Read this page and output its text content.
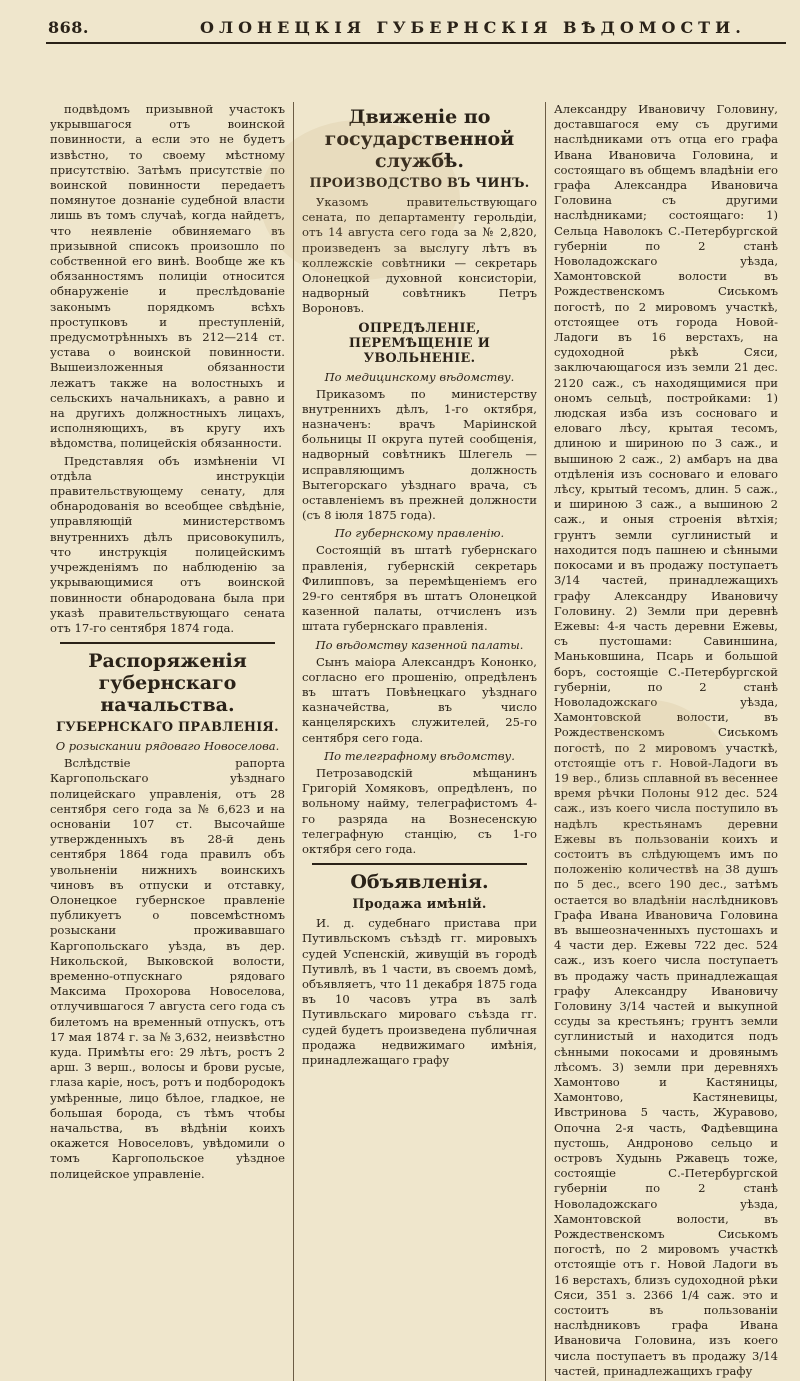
868.	ОЛОНЕЦКІЯ ГУБЕРНСКІЯ ВѢДОМОСТИ.

подвѣдомъ призывной участокъ укрывшагося отъ воинской повинности, а если это не будетъ извѣстно, то своему мѣстному присутствію. Затѣмъ присутствіе по воинской повинности передаетъ помянутое дознаніе судебной власти лишь въ томъ случаѣ, когда найдетъ, что неявленіе обвиняемаго въ призывной списокъ произошло по собственной его винѣ. Вообще же къ обязанностямъ полиціи относится обнаруженіе и преслѣдованіе законымъ порядкомъ всѣхъ проступковъ и преступленій, предусмотрѣнныхъ въ 212—214 ст. устава о воинской повинности. Вышеизложенныя обязанности лежатъ также на волостныхъ и сельскихъ начальникахъ, а равно и на другихъ должностныхъ лицахъ, исполняющихъ, въ кругу ихъ вѣдомства, полицейскія обязанности.

Представляя объ измѣненіи VI отдѣла инструкціи правительствующему сенату, для обнародованія во всеобщее свѣдѣніе, управляющій министерствомъ внутреннихъ дѣлъ присовокупилъ, что инструкція полицейскимъ учрежденіямъ по наблюденію за укрывающимися отъ воинской повинности обнародована была при указѣ правительствующаго сената отъ 17-го сентября 1874 года.

Распоряженія губернскаго начальства.
ГУБЕРНСКАГО ПРАВЛЕНІЯ.
О розыскании рядоваго Новоселова.

Вслѣдствіе рапорта Каргопольскаго уѣзднаго полицейскаго управленія, отъ 28 сентября сего года за № 6,623 и на основаніи 107 ст. Высочайше утвержденныхъ въ 28-й день сентября 1864 года правилъ объ увольненіи нижнихъ воинскихъ чиновъ въ отпуски и отставку, Олонецкое губернское правленіе публикуетъ о повсемѣстномъ розыскани проживавшаго Каргопольскаго уѣзда, въ дер. Никольской, Выковской волости, временно-отпускнаго рядоваго Максима Прохорова Новоселова, отлучившагося 7 августа сего года съ билетомъ на временный отпускъ, отъ 17 мая 1874 г. за № 3,632, неизвѣстно куда. Примѣты его: 29 лѣтъ, ростъ 2 арш. 3 верш., волосы и брови русые, глаза карiе, носъ, ротъ и подбородокъ умѣренные, лицо бѣлое, гладкое, не большая борода, съ тѣмъ чтобы начальства, въ вѣдѣніи коихъ окажется Новоселовъ, увѣдомили о томъ Каргопольское уѣздное полицейское управленіе.

Движеніе по государственной службѣ.
ПРОИЗВОДСТВО ВЪ ЧИНЪ.

Указомъ правительствующаго сената, по департаменту герольдіи, отъ 14 августа сего года за № 2,820, произведенъ за выслугу лѣтъ въ коллежскіе совѣтники — секретарь Олонецкой духовной консисторіи, надворный совѣтникъ Петръ Вороновъ.

ОПРЕДѢЛЕНІЕ, ПЕРЕМѢЩЕНІЕ И УВОЛЬНЕНІЕ.
По медицинскому вѣдомству.

Приказомъ по министерству внутреннихъ дѣлъ, 1-го октября, назначенъ: врачъ Маріинской больницы II округа путей сообщенія, надворный совѣтникъ Шлегель — исправляющимъ должность Вытегорскаго уѣзднаго врача, съ оставленіемъ въ прежней должности (съ 8 іюля 1875 года).

По губернскому правленію.

Состоящій въ штатѣ губернскаго правленія, губернскій секретарь Филипповъ, за перемѣщеніемъ его 29-го сентября въ штатъ Олонецкой казенной палаты, отчисленъ изъ штата губернскаго правленія.

По вѣдомству казенной палаты.

Сынъ маіора Александръ Кононко, согласно его прошенію, опредѣленъ въ штатъ Повѣнецкаго уѣзднаго казначейства, въ число канцелярскихъ служителей, 25-го сентября сего года.

По телеграфному вѣдомству.

Петрозаводскій мѣщанинъ Григорій Хомяковъ, опредѣленъ, по вольному найму, телеграфистомъ 4-го разряда на Вознесенскую телеграфную станцію, съ 1-го октября сего года.

Объявленія.
Продажа имѣній.

И. д. судебнаго пристава при Путивльскомъ съѣздѣ гг. мировыхъ судей Успенскій, живущій въ городѣ Путивлѣ, въ 1 части, въ своемъ домѣ, объявляетъ, что 11 декабря 1875 года въ 10 часовъ утра въ залѣ Путивльскаго мироваго съѣзда гг. судей будетъ произведена публичная продажа недвижимаго имѣнія, принадлежащаго графу

Александру Ивановичу Головину, доставшагося ему съ другими наслѣдниками отъ отца его графа Ивана Ивановича Головина, и состоящаго въ общемъ владѣніи его графа Александра Ивановича Головина съ другими наслѣдниками; состоящаго: 1) Сельца Наволокъ С.-Петербургской губерніи по 2 станѣ Новоладожскаго уѣзда, Хамонтовской волости въ Рождественскомъ Сиськомъ погостѣ, по 2 мировомъ участкѣ, отстоящее отъ города Новой-Ладоги въ 16 верстахъ, на судоходной рѣкѣ Сяси, заключающагося изъ земли 21 дес. 2120 саж., съ находящимися при ономъ сельцѣ, постройками: 1) людская изба изъ сосноваго и еловаго лѣсу, крытая тесомъ, длиною и шириною по 3 саж., и вышиною 2 саж., 2) амбаръ на два отдѣленія изъ сосноваго и еловаго лѣсу, крытый тесомъ, длин. 5 саж., и шириною 3 саж., а вышиною 2 саж., и оныя строенія вѣтхія; грунтъ земли суглинистый и находится подъ пашнею и сѣнными покосами и въ продажу поступаетъ 3/14 частей, принадлежащихъ графу Александру Ивановичу Головину. 2) Земли при деревнѣ Ежевы: 4-я часть деревни Ежевы, съ пустошами: Савиншина, Маньковшина, Псарь и большой боръ, состоящіе С.-Петербургской губерніи, по 2 станѣ Новоладожскаго уѣзда, Хамонтовской волости, въ Рождественскомъ Сиськомъ погостѣ, по 2 мировомъ участкѣ, отстоящіе отъ г. Новой-Ладоги въ 19 вер., близь сплавной въ весеннее время рѣчки Полоны 912 дес. 524 саж., изъ коего числа поступило въ надѣлъ крестьянамъ деревни Ежевы въ пользованіи коихъ и состоитъ въ слѣдующемъ имъ по положенію количествѣ на 38 душъ по 5 дес., всего 190 дес., затѣмъ остается во владѣніи наслѣдниковъ Графа Ивана Ивановича Головина въ вышеозначенныхъ пустошахъ и 4 части дер. Ежевы 722 дес. 524 саж., изъ коего числа поступаетъ въ продажу часть принадлежащая графу Александру Ивановичу Головину 3/14 частей и выкупной ссуды за крестьянъ; грунтъ земли суглинистый и находится подъ сѣнными покосами и дровянымъ лѣсомъ. 3) земли при деревняхъ Хамонтово и Кастяницы, Хамонтово, Кастяневицы, Ивстринова 5 часть, Журавово, Опочна 2-я часть, Фадѣевщина пустошь, Андроново сельцо и островъ Худынь Ржавецъ тоже, состоящіе С.-Петербургской губерніи по 2 станѣ Новоладожскаго уѣзда, Хамонтовской волости, въ Рождественскомъ Сиськомъ погостѣ, по 2 мировомъ участкѣ отстоящіе отъ г. Новой Ладоги въ 16 верстахъ, близъ судоходной рѣки Сяси, 351 з. 2366 1/4 саж. это и состоитъ въ пользованіи наслѣдниковъ графа Ивана Ивановича Головина, изъ коего числа поступаетъ въ продажу 3/14 частей, принадлежащихъ графу
